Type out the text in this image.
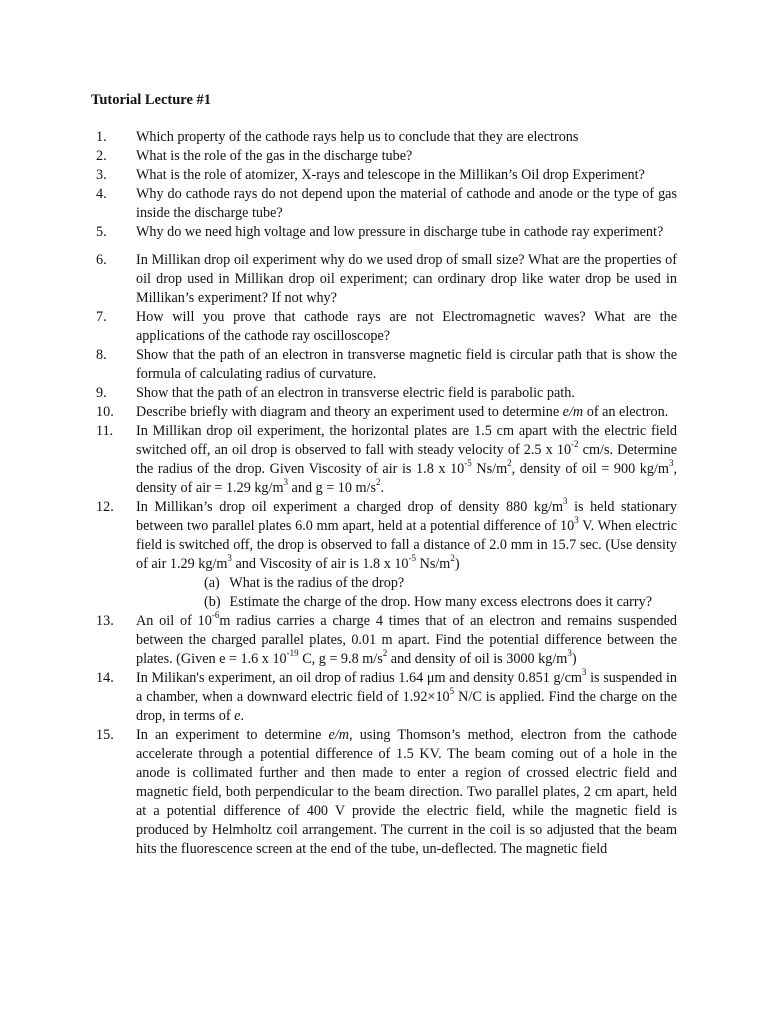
Tutorial Lecture #1
1.	Which property of the cathode rays help us to conclude that they are electrons
2.	What is the role of the gas in the discharge tube?
3.	What is the role of atomizer, X-rays and telescope in the Millikan’s Oil drop Experiment?
4.	Why do cathode rays do not depend upon the material of cathode and anode or the type of gas inside the discharge tube?
5.	Why do we need high voltage and low pressure in discharge tube in cathode ray experiment?
6.	In Millikan drop oil experiment why do we used drop of small size? What are the properties of oil drop used in Millikan drop oil experiment; can ordinary drop like water drop be used in Millikan’s experiment? If not why?
7.	How will you prove that cathode rays are not Electromagnetic waves? What are the applications of the cathode ray oscilloscope?
8.	Show that the path of an electron in transverse magnetic field is circular path that is show the formula of calculating radius of curvature.
9.	Show that the path of an electron in transverse electric field is parabolic path.
10.	Describe briefly with diagram and theory an experiment used to determine e/m of an electron.
11.	In Millikan drop oil experiment, the horizontal plates are 1.5 cm apart with the electric field switched off, an oil drop is observed to fall with steady velocity of 2.5 x $10^{-2}$ cm/s. Determine the radius of the drop. Given Viscosity of air is 1.8 x $10^{-5}$ $Ns/m^2$, density of oil = 900 $kg/m^3$, density of air = 1.29 $kg/m^3$ and g = 10 $m/s^2$.
12.	In Millikan’s drop oil experiment a charged drop of density 880 $kg/m^3$ is held stationary between two parallel plates 6.0 mm apart, held at a potential difference of $10^3$ V. When electric field is switched off, the drop is observed to fall a distance of 2.0 mm in 15.7 sec. (Use density of air 1.29 $kg/m^3$ and Viscosity of air is 1.8 x $10^{-5}$ $Ns/m^2$)
(a) What is the radius of the drop?
(b) Estimate the charge of the drop. How many excess electrons does it carry?
13.	An oil of $10^{-6}m$ radius carries a charge 4 times that of an electron and remains suspended between the charged parallel plates, 0.01 m apart. Find the potential difference between the plates. (Given e = 1.6 x $10^{-19}$ C, g = 9.8 $m/s^2$ and density of oil is 3000 $kg/m^3$)
14.	In Milikan's experiment, an oil drop of radius 1.64 μm and density 0.851 $g/cm^3$ is suspended in a chamber, when a downward electric field of $1.92\times 10^5$ N/C is applied. Find the charge on the drop, in terms of e.
15.	In an experiment to determine e/m, using Thomson’s method, electron from the cathode accelerate through a potential difference of 1.5 KV. The beam coming out of a hole in the anode is collimated further and then made to enter a region of crossed electric field and magnetic field, both perpendicular to the beam direction. Two parallel plates, 2 cm apart, held at a potential difference of 400 V provide the electric field, while the magnetic field is produced by Helmholtz coil arrangement. The current in the coil is so adjusted that the beam hits the fluorescence screen at the end of the tube, un-deflected. The magnetic field
